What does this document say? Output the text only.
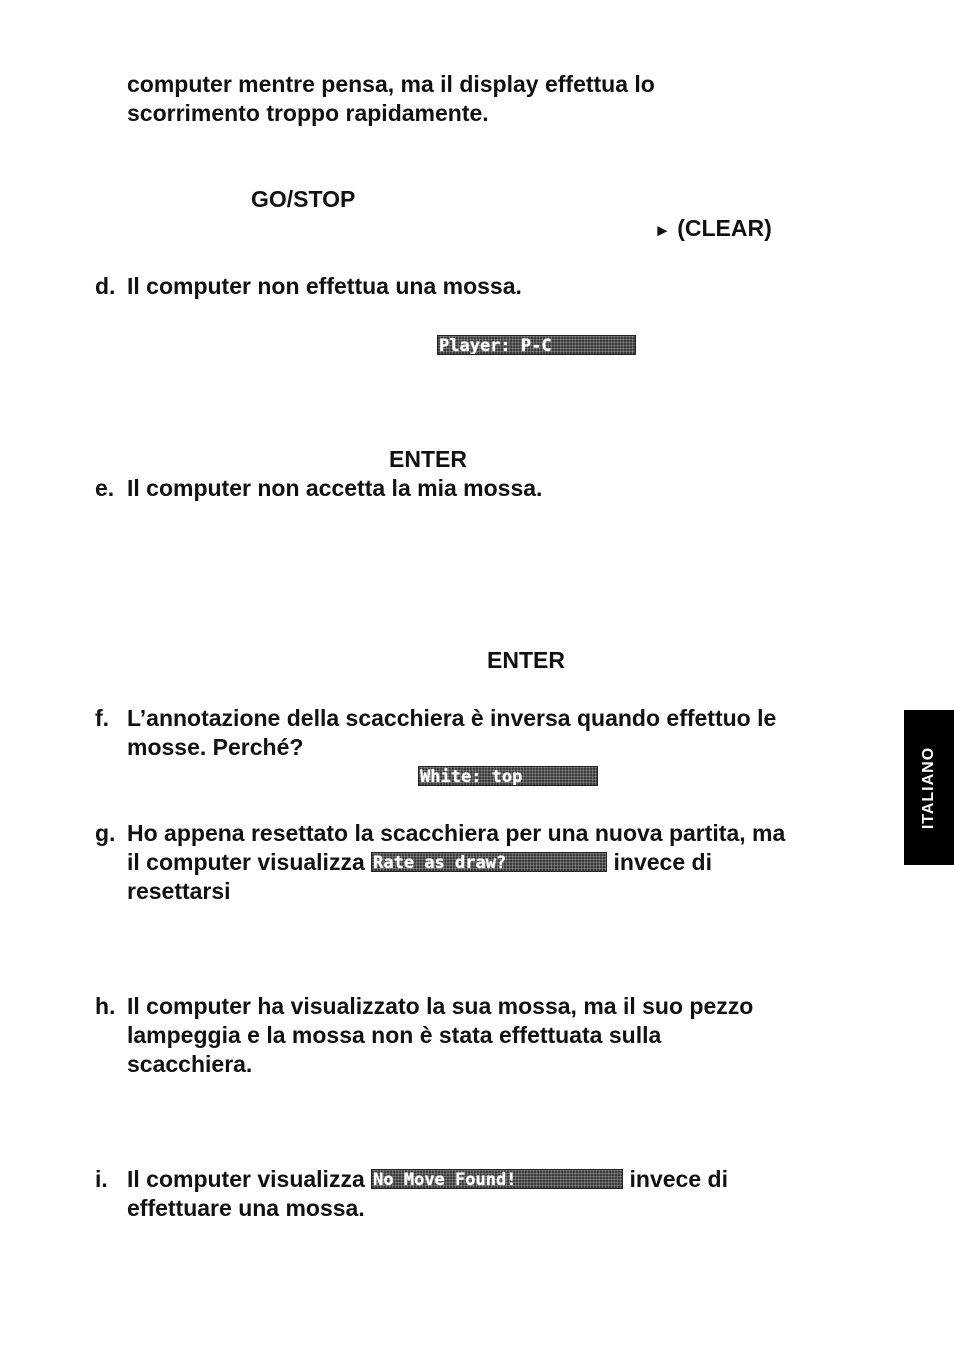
computer mentre pensa, ma il display effettua lo
scorrimento troppo rapidamente.
GO/STOP
► (CLEAR)
d. Il computer non effettua una mossa.
Player: P-C
ENTER
e. Il computer non accetta la mia mossa.
ENTER
f. L’annotazione della scacchiera è inversa quando effettuo le
mosse. Perché?
White: top
g. Ho appena resettato la scacchiera per una nuova partita, ma
il computer visualizza Rate as draw?	invece di
resettarsi
h. Il computer ha visualizzato la sua mossa, ma il suo pezzo
lampeggia e la mossa non è stata effettuata sulla
scacchiera.
i. Il computer visualizza No Move Found!	invece di
effettuare una mossa.
ITALIANO
